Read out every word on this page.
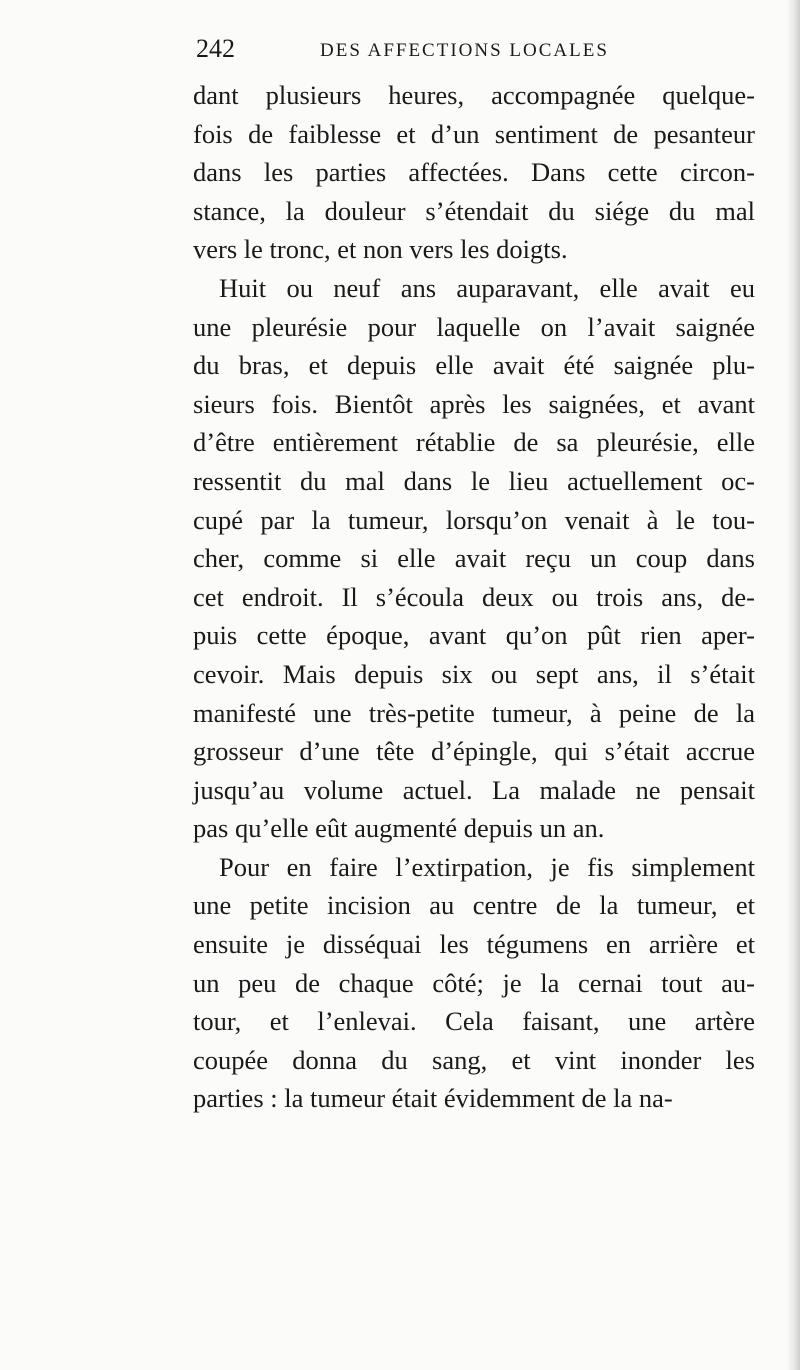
242	DES AFFECTIONS LOCALES
dant plusieurs heures, accompagnée quelque-
fois de faiblesse et d’un sentiment de pesanteur
dans les parties affectées. Dans cette circon-
stance, la douleur s’étendait du siége du mal
vers le tronc, et non vers les doigts.
Huit ou neuf ans auparavant, elle avait eu
une pleurésie pour laquelle on l’avait saignée
du bras, et depuis elle avait été saignée plu-
sieurs fois. Bientôt après les saignées, et avant
d’être entièrement rétablie de sa pleurésie, elle
ressentit du mal dans le lieu actuellement oc-
cupé par la tumeur, lorsqu’on venait à le tou-
cher, comme si elle avait reçu un coup dans
cet endroit. Il s’écoula deux ou trois ans, de-
puis cette époque, avant qu’on pût rien aper-
cevoir. Mais depuis six ou sept ans, il s’était
manifesté une très-petite tumeur, à peine de la
grosseur d’une tête d’épingle, qui s’était accrue
jusqu’au volume actuel. La malade ne pensait
pas qu’elle eût augmenté depuis un an.
Pour en faire l’extirpation, je fis simplement
une petite incision au centre de la tumeur, et
ensuite je disséquai les tégumens en arrière et
un peu de chaque côté; je la cernai tout au-
tour, et l’enlevai. Cela faisant, une artère
coupée donna du sang, et vint inonder les
parties : la tumeur était évidemment de la na-
